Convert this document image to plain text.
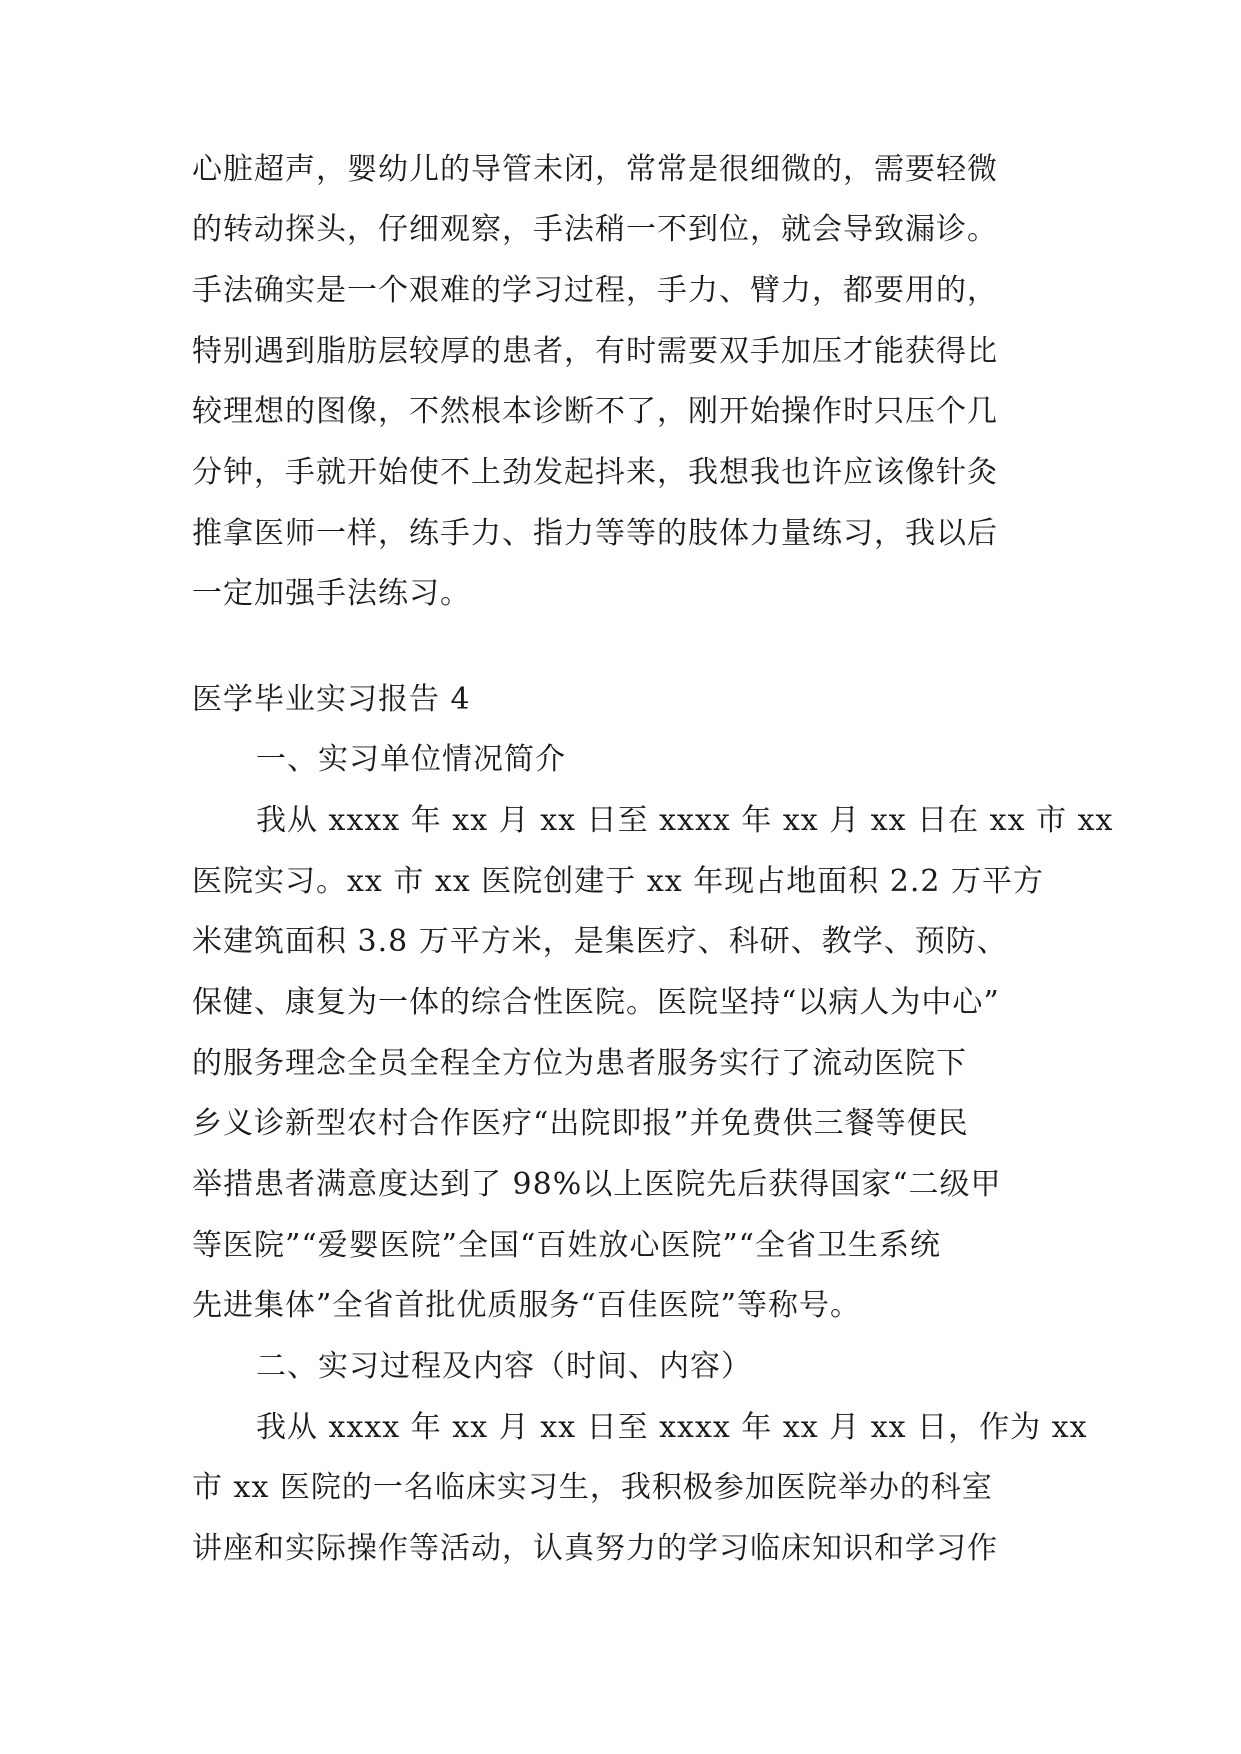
心脏超声，婴幼儿的导管未闭，常常是很细微的，需要轻微
的转动探头，仔细观察，手法稍一不到位，就会导致漏诊。
手法确实是一个艰难的学习过程，手力、臂力，都要用的，
特别遇到脂肪层较厚的患者，有时需要双手加压才能获得比
较理想的图像，不然根本诊断不了，刚开始操作时只压个几
分钟，手就开始使不上劲发起抖来，我想我也许应该像针灸
推拿医师一样，练手力、指力等等的肢体力量练习，我以后
一定加强手法练习。
医学毕业实习报告 4
一、实习单位情况简介
我从 xxxx 年 xx 月 xx 日至 xxxx 年 xx 月 xx 日在 xx 市 xx
医院实习。xx 市 xx 医院创建于 xx 年现占地面积 2.2 万平方
米建筑面积 3.8 万平方米，是集医疗、科研、教学、预防、
保健、康复为一体的综合性医院。医院坚持“以病人为中心”
的服务理念全员全程全方位为患者服务实行了流动医院下
乡义诊新型农村合作医疗“出院即报”并免费供三餐等便民
举措患者满意度达到了 98%以上医院先后获得国家“二级甲
等医院”“爱婴医院”全国“百姓放心医院”“全省卫生系统
先进集体”全省首批优质服务“百佳医院”等称号。
二、实习过程及内容（时间、内容）
我从 xxxx 年 xx 月 xx 日至 xxxx 年 xx 月 xx 日，作为 xx
市 xx 医院的一名临床实习生，我积极参加医院举办的科室
讲座和实际操作等活动，认真努力的学习临床知识和学习作
